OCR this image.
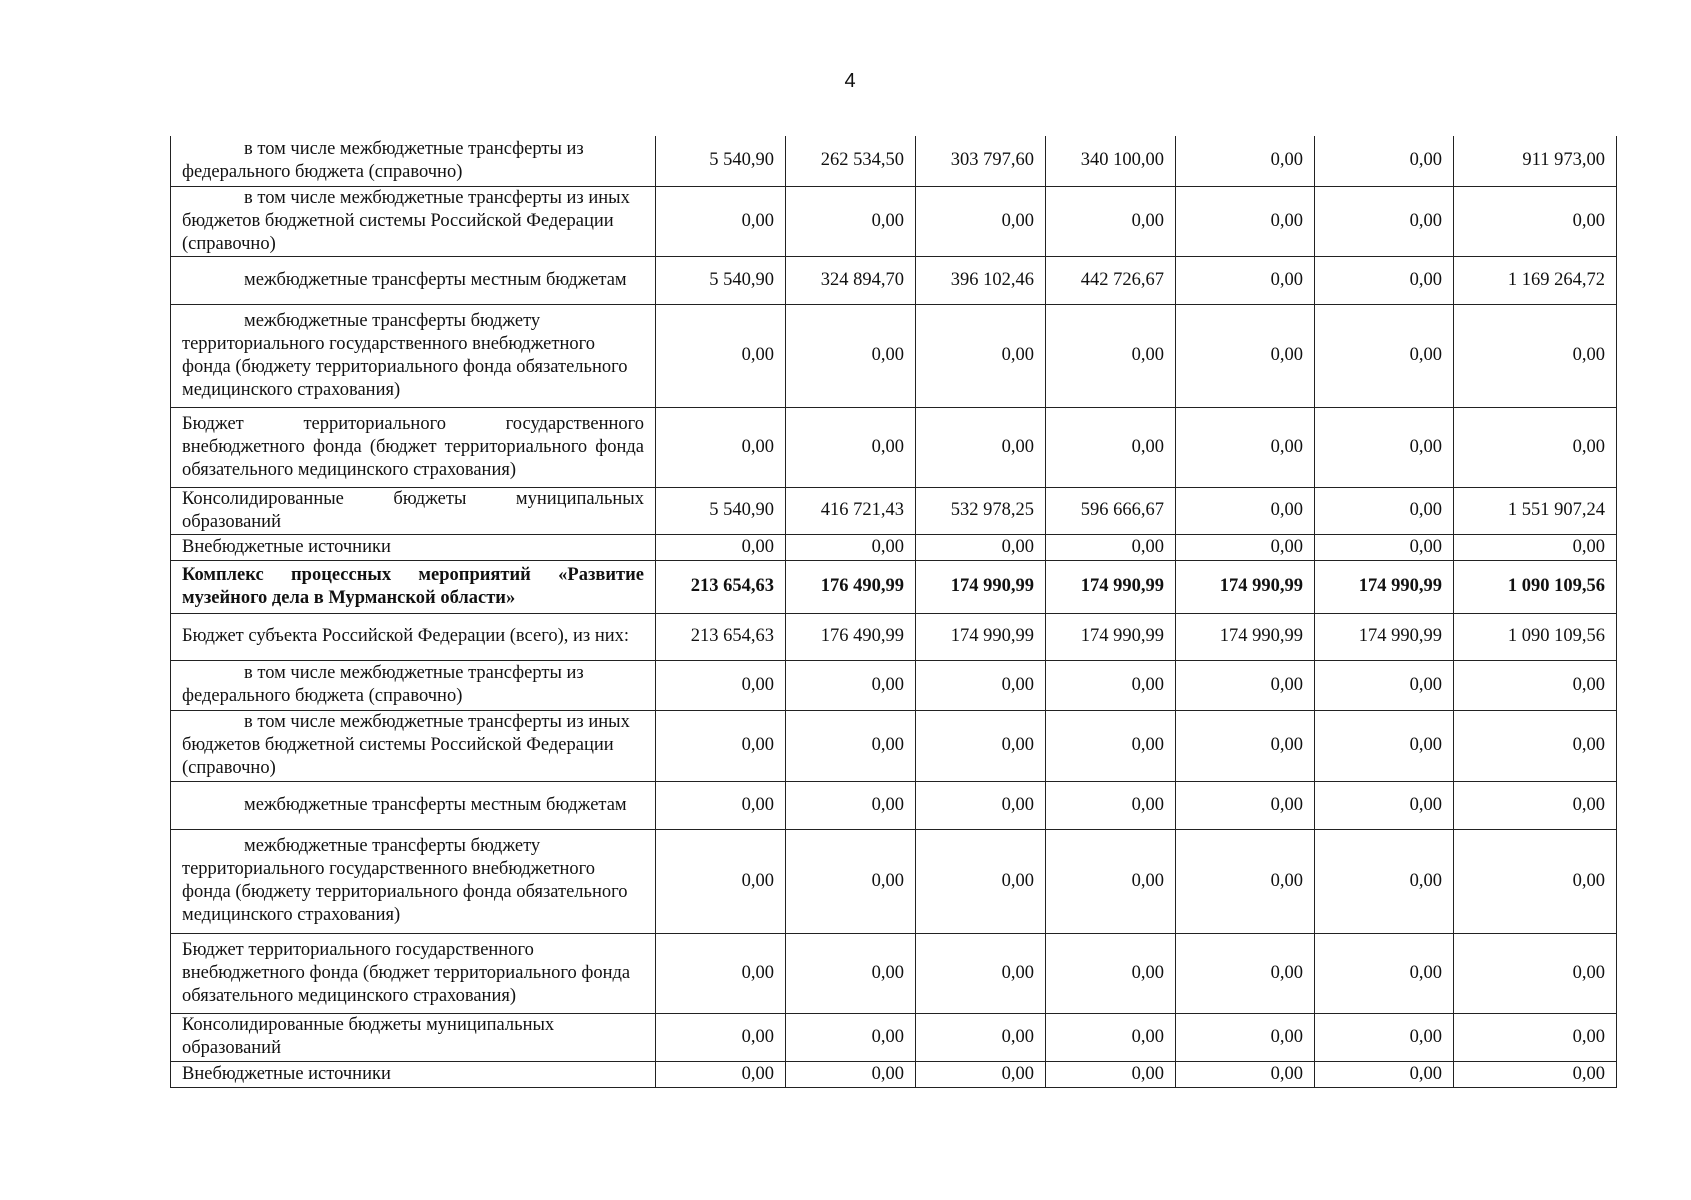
4
в том числе межбюджетные трансферты из федерального бюджета (справочно)	5 540,90	262 534,50	303 797,60	340 100,00	0,00	0,00	911 973,00
в том числе межбюджетные трансферты из иных бюджетов бюджетной системы Российской Федерации (справочно)	0,00	0,00	0,00	0,00	0,00	0,00	0,00
межбюджетные трансферты местным бюджетам	5 540,90	324 894,70	396 102,46	442 726,67	0,00	0,00	1 169 264,72
межбюджетные трансферты бюджету территориального государственного внебюджетного фонда (бюджету территориального фонда обязательного медицинского страхования)	0,00	0,00	0,00	0,00	0,00	0,00	0,00
Бюджет территориального государственного внебюджетного фонда (бюджет территориального фонда обязательного медицинского страхования)	0,00	0,00	0,00	0,00	0,00	0,00	0,00
Консолидированные бюджеты муниципальных образований	5 540,90	416 721,43	532 978,25	596 666,67	0,00	0,00	1 551 907,24
Внебюджетные источники	0,00	0,00	0,00	0,00	0,00	0,00	0,00
Комплекс процессных мероприятий «Развитие музейного дела в Мурманской области»	213 654,63	176 490,99	174 990,99	174 990,99	174 990,99	174 990,99	1 090 109,56
Бюджет субъекта Российской Федерации (всего), из них:	213 654,63	176 490,99	174 990,99	174 990,99	174 990,99	174 990,99	1 090 109,56
в том числе межбюджетные трансферты из федерального бюджета (справочно)	0,00	0,00	0,00	0,00	0,00	0,00	0,00
в том числе межбюджетные трансферты из иных бюджетов бюджетной системы Российской Федерации (справочно)	0,00	0,00	0,00	0,00	0,00	0,00	0,00
межбюджетные трансферты местным бюджетам	0,00	0,00	0,00	0,00	0,00	0,00	0,00
межбюджетные трансферты бюджету территориального государственного внебюджетного фонда (бюджету территориального фонда обязательного медицинского страхования)	0,00	0,00	0,00	0,00	0,00	0,00	0,00
Бюджет территориального государственного внебюджетного фонда (бюджет территориального фонда обязательного медицинского страхования)	0,00	0,00	0,00	0,00	0,00	0,00	0,00
Консолидированные бюджеты муниципальных образований	0,00	0,00	0,00	0,00	0,00	0,00	0,00
Внебюджетные источники	0,00	0,00	0,00	0,00	0,00	0,00	0,00
